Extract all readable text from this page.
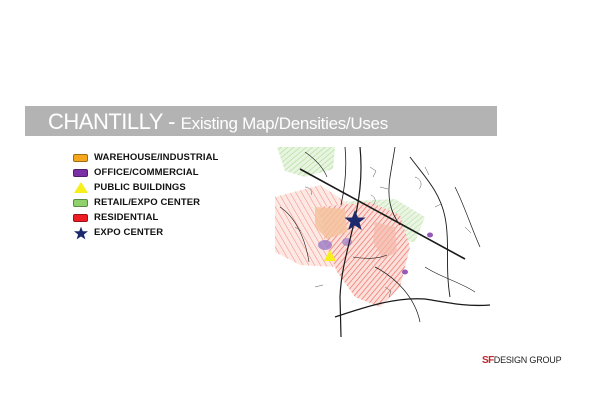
CHANTILLY - Existing Map/Densities/Uses
WAREHOUSE/INDUSTRIAL
OFFICE/COMMERCIAL
PUBLIC BUILDINGS
RETAIL/EXPO CENTER
RESIDENTIAL
EXPO CENTER
SFDESIGN GROUP
